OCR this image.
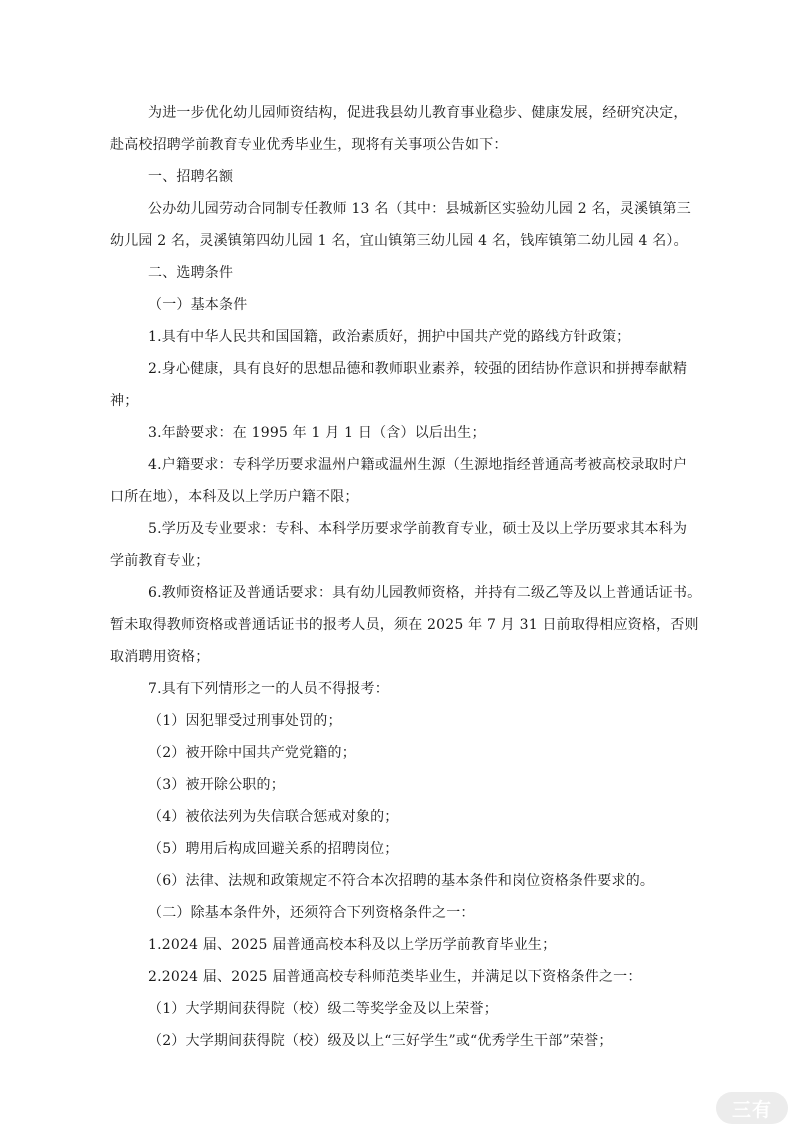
为进一步优化幼儿园师资结构，促进我县幼儿教育事业稳步、健康发展，经研究决定，
赴高校招聘学前教育专业优秀毕业生，现将有关事项公告如下：
一、招聘名额
公办幼儿园劳动合同制专任教师 13 名（其中：县城新区实验幼儿园 2 名，灵溪镇第三
幼儿园 2 名，灵溪镇第四幼儿园 1 名，宜山镇第三幼儿园 4 名，钱库镇第二幼儿园 4 名）。
二、选聘条件
（一）基本条件
1.具有中华人民共和国国籍，政治素质好，拥护中国共产党的路线方针政策；
2.身心健康，具有良好的思想品德和教师职业素养，较强的团结协作意识和拼搏奉献精
神；
3.年龄要求：在 1995 年 1 月 1 日（含）以后出生；
4.户籍要求：专科学历要求温州户籍或温州生源（生源地指经普通高考被高校录取时户
口所在地），本科及以上学历户籍不限；
5.学历及专业要求：专科、本科学历要求学前教育专业，硕士及以上学历要求其本科为
学前教育专业；
6.教师资格证及普通话要求：具有幼儿园教师资格，并持有二级乙等及以上普通话证书。
暂未取得教师资格或普通话证书的报考人员，须在 2025 年 7 月 31 日前取得相应资格，否则
取消聘用资格；
7.具有下列情形之一的人员不得报考：
（1）因犯罪受过刑事处罚的；
（2）被开除中国共产党党籍的；
（3）被开除公职的；
（4）被依法列为失信联合惩戒对象的；
（5）聘用后构成回避关系的招聘岗位；
（6）法律、法规和政策规定不符合本次招聘的基本条件和岗位资格条件要求的。
（二）除基本条件外，还须符合下列资格条件之一：
1.2024 届、2025 届普通高校本科及以上学历学前教育毕业生；
2.2024 届、2025 届普通高校专科师范类毕业生，并满足以下资格条件之一：
（1）大学期间获得院（校）级二等奖学金及以上荣誉；
（2）大学期间获得院（校）级及以上“三好学生”或“优秀学生干部”荣誉；
三有
